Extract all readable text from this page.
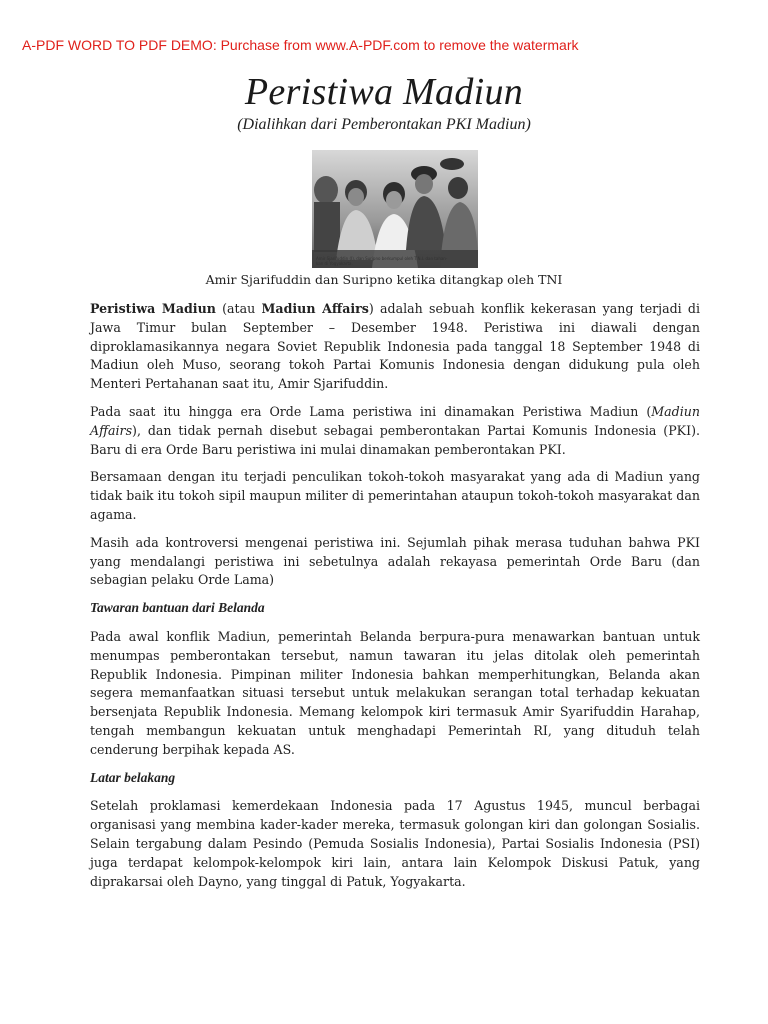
A-PDF WORD TO PDF DEMO: Purchase from www.A-PDF.com to remove the watermark
Peristiwa Madiun
(Dialihkan dari Pemberontakan PKI Madiun)
Amir Sjarifuddin (I), dan Suripno berkumpul oleh T.N.I. dan tahan-
kan di Yogyakarta.
Amir Sjarifuddin dan Suripno ketika ditangkap oleh TNI

Peristiwa Madiun (atau Madiun Affairs) adalah sebuah konflik kekerasan yang terjadi di Jawa Timur bulan September – Desember 1948. Peristiwa ini diawali dengan diproklamasikannya negara Soviet Republik Indonesia pada tanggal 18 September 1948 di Madiun oleh Muso, seorang tokoh Partai Komunis Indonesia dengan didukung pula oleh Menteri Pertahanan saat itu, Amir Sjarifuddin.

Pada saat itu hingga era Orde Lama peristiwa ini dinamakan Peristiwa Madiun (Madiun Affairs), dan tidak pernah disebut sebagai pemberontakan Partai Komunis Indonesia (PKI). Baru di era Orde Baru peristiwa ini mulai dinamakan pemberontakan PKI.

Bersamaan dengan itu terjadi penculikan tokoh-tokoh masyarakat yang ada di Madiun yang tidak baik itu tokoh sipil maupun militer di pemerintahan ataupun tokoh-tokoh masyarakat dan agama.

Masih ada kontroversi mengenai peristiwa ini. Sejumlah pihak merasa tuduhan bahwa PKI yang mendalangi peristiwa ini sebetulnya adalah rekayasa pemerintah Orde Baru (dan sebagian pelaku Orde Lama)

Tawaran bantuan dari Belanda

Pada awal konflik Madiun, pemerintah Belanda berpura-pura menawarkan bantuan untuk menumpas pemberontakan tersebut, namun tawaran itu jelas ditolak oleh pemerintah Republik Indonesia. Pimpinan militer Indonesia bahkan memperhitungkan, Belanda akan segera memanfaatkan situasi tersebut untuk melakukan serangan total terhadap kekuatan bersenjata Republik Indonesia. Memang kelompok kiri termasuk Amir Syarifuddin Harahap, tengah membangun kekuatan untuk menghadapi Pemerintah RI, yang dituduh telah cenderung berpihak kepada AS.

Latar belakang

Setelah proklamasi kemerdekaan Indonesia pada 17 Agustus 1945, muncul berbagai organisasi yang membina kader-kader mereka, termasuk golongan kiri dan golongan Sosialis. Selain tergabung dalam Pesindo (Pemuda Sosialis Indonesia), Partai Sosialis Indonesia (PSI) juga terdapat kelompok-kelompok kiri lain, antara lain Kelompok Diskusi Patuk, yang diprakarsai oleh Dayno, yang tinggal di Patuk, Yogyakarta.
